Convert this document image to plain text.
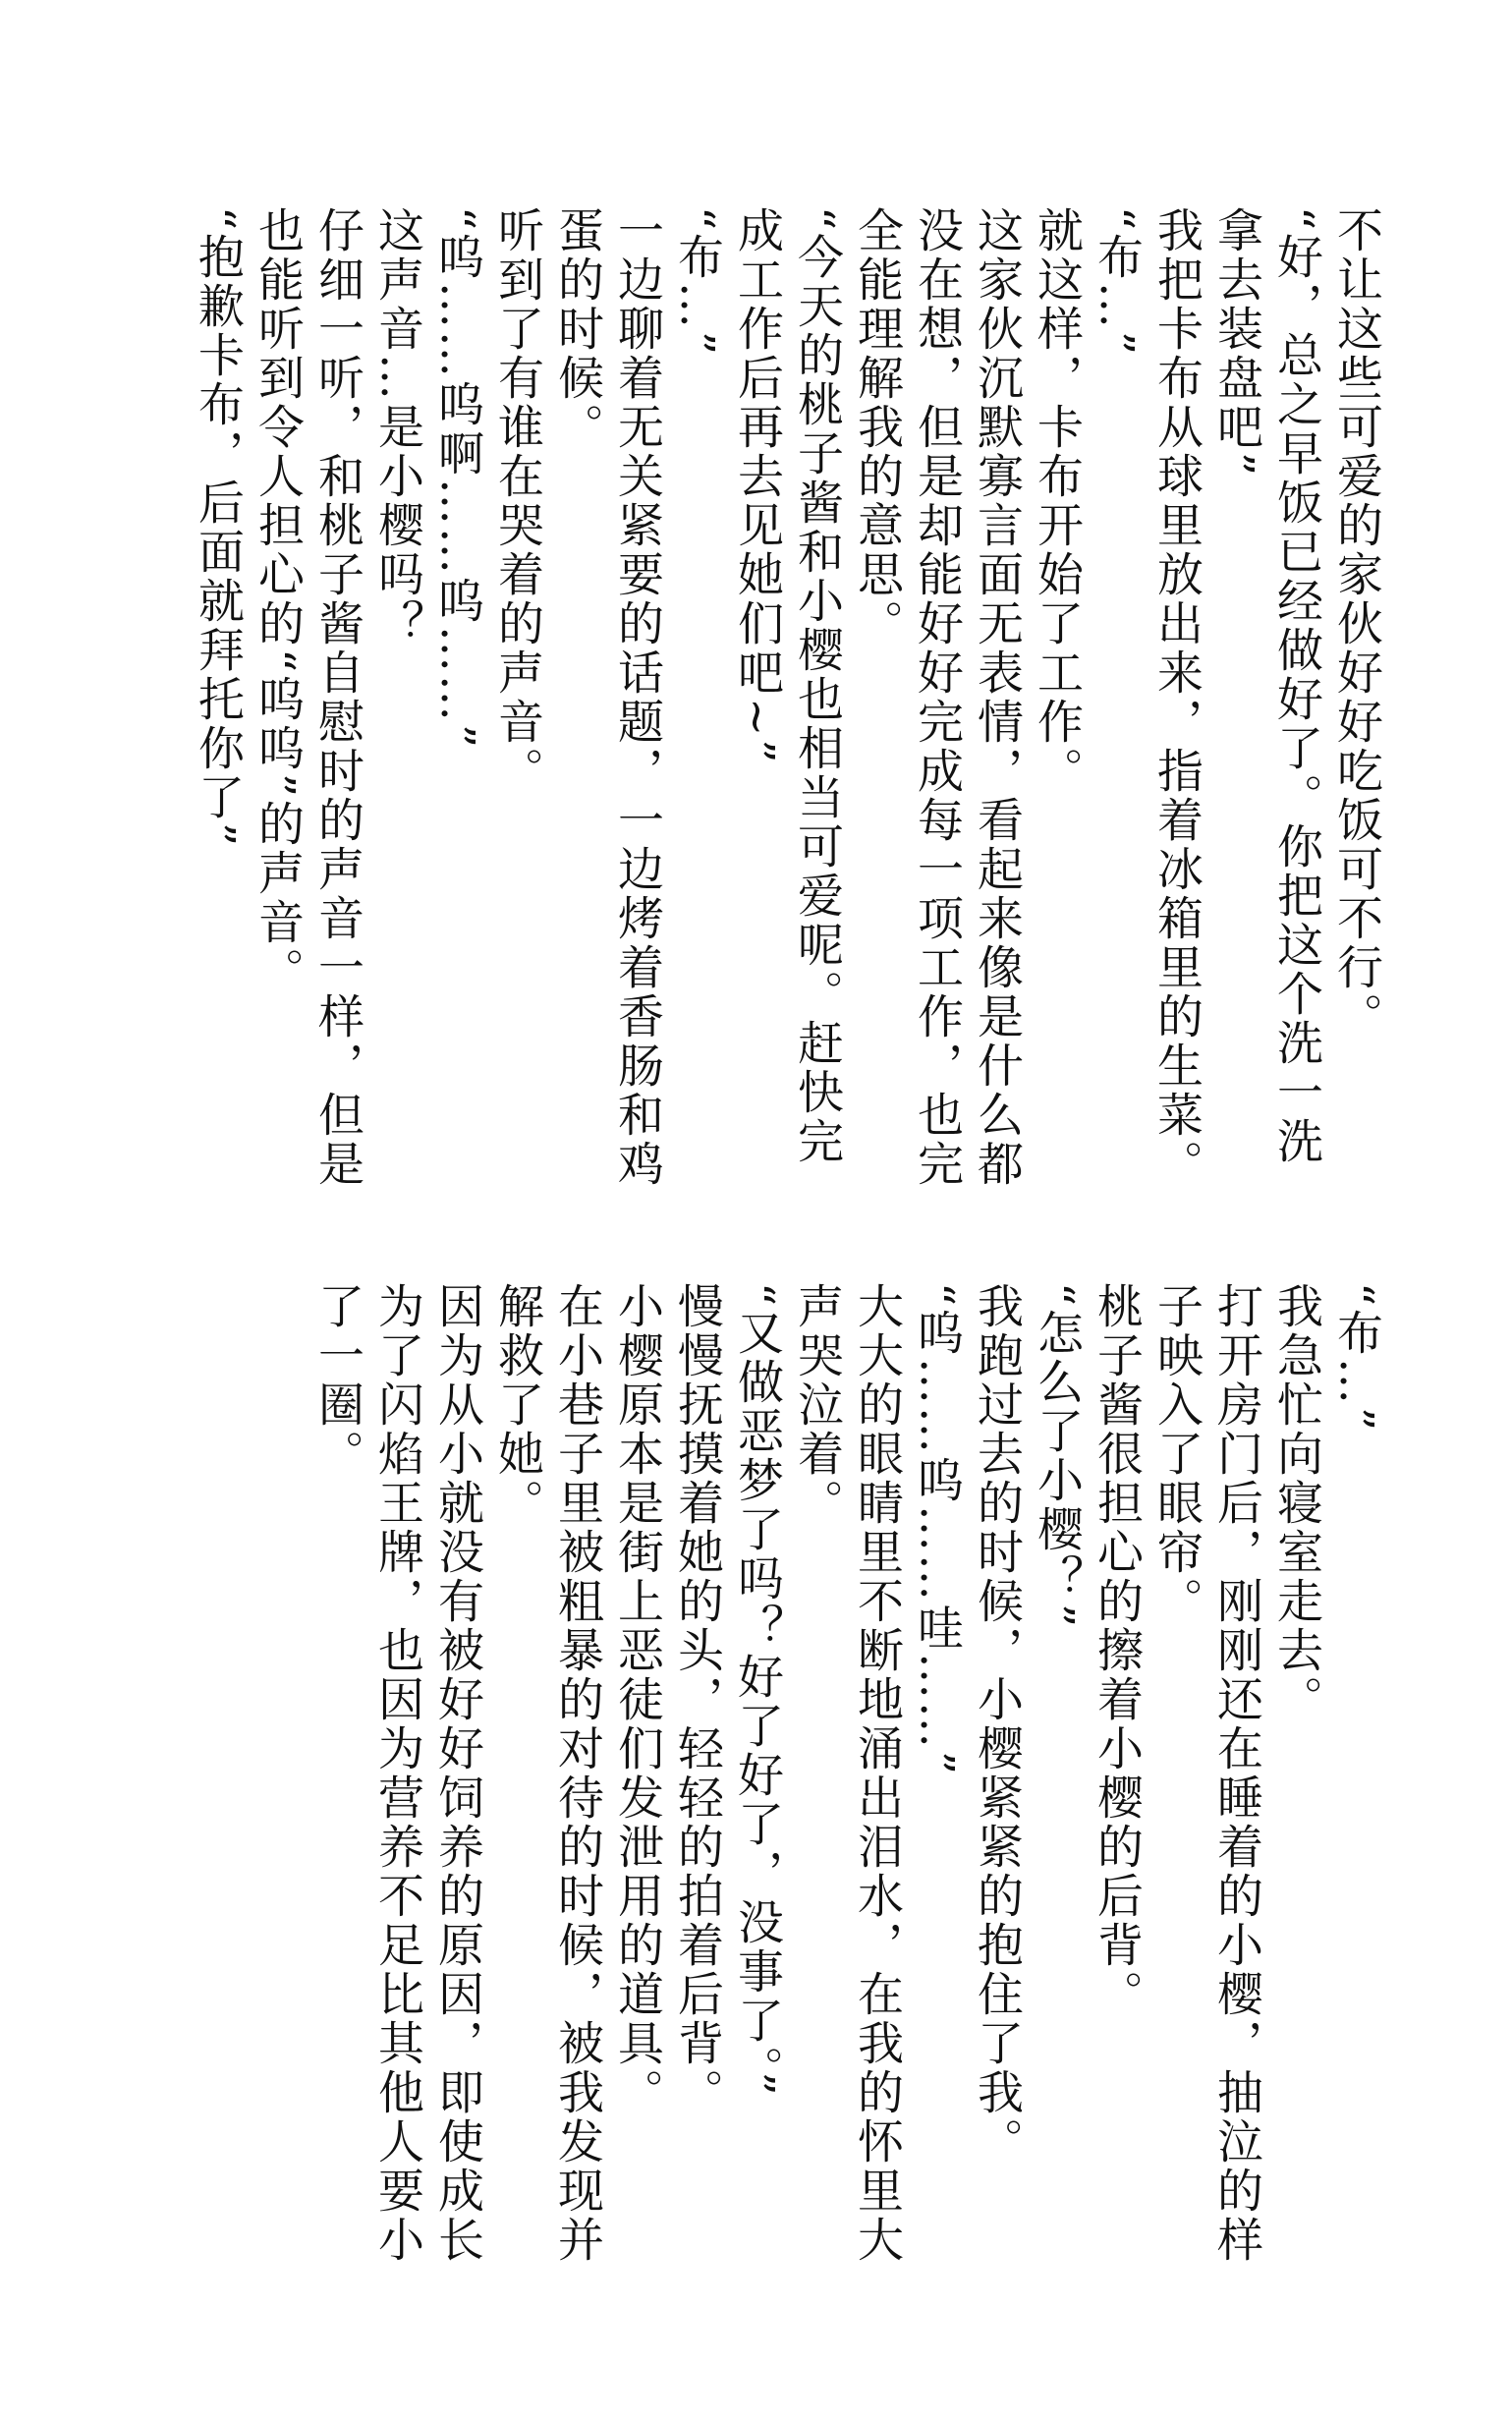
不让这些可爱的家伙好好吃饭可不行。
“好，总之早饭已经做好了。你把这个洗一洗
拿去装盘吧”
我把卡布从球里放出来，指着冰箱里的生菜。
“布…”
就这样，卡布开始了工作。
这家伙沉默寡言面无表情，看起来像是什么都
没在想，但是却能好好完成每一项工作，也完
全能理解我的意思。
“今天的桃子酱和小樱也相当可爱呢。赶快完
成工作后再去见她们吧~”
“布…”
一边聊着无关紧要的话题，一边烤着香肠和鸡
蛋的时候。
听到了有谁在哭着的声音。
“呜……呜啊……呜……”
这声音…是小樱吗？
仔细一听，和桃子酱自慰时的声音一样，但是
也能听到令人担心的“呜呜”的声音。
“抱歉卡布，后面就拜托你了”
“布…”
我急忙向寝室走去。
打开房门后，刚刚还在睡着的小樱，抽泣的样
子映入了眼帘。
桃子酱很担心的擦着小樱的后背。
“怎么了小樱？”
我跑过去的时候，小樱紧紧的抱住了我。
“呜……呜……哇……”
大大的眼睛里不断地涌出泪水，在我的怀里大
声哭泣着。
“又做恶梦了吗？好了好了，没事了。”
慢慢抚摸着她的头，轻轻的拍着后背。
小樱原本是街上恶徒们发泄用的道具。
在小巷子里被粗暴的对待的时候，被我发现并
解救了她。
因为从小就没有被好好饲养的原因，即使成长
为了闪焰王牌，也因为营养不足比其他人要小
了一圈。
